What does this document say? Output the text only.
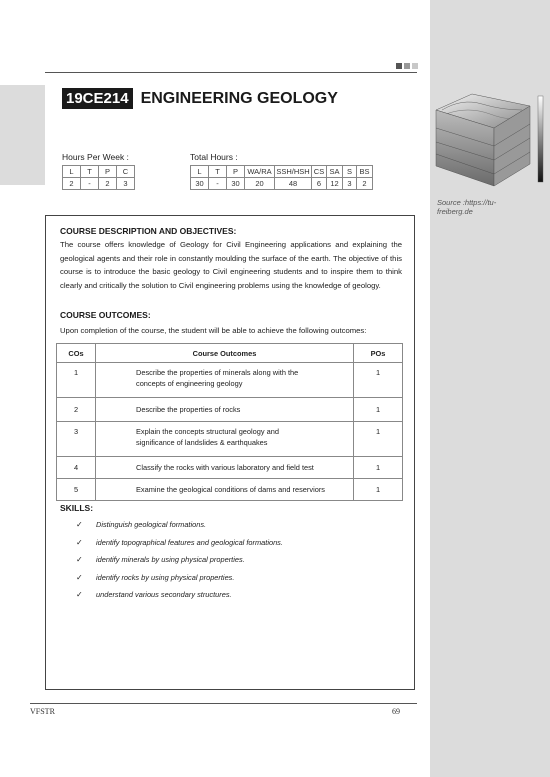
19CE214 ENGINEERING GEOLOGY
Hours Per Week :
L	T	P	C
2	-	2	3
Total Hours :
L	T	P	WA/RA	SSH/HSH	CS	SA	S	BS
30	-	30	20	48	6	12	3	2
Source :https://tu-freiberg.de
COURSE DESCRIPTION AND OBJECTIVES:
The course offers knowledge of Geology for Civil Engineering applications and explaining the geological agents and their role in constantly moulding the surface of the earth. The objective of this course is to introduce the basic geology to Civil engineering students and to inspire them to think clearly and critically the solution to Civil engineering problems using the knowledge of geology.
COURSE OUTCOMES:
Upon completion of the course, the student will be able to achieve the following outcomes:
COs	Course Outcomes	POs
1	Describe the properties of minerals along with the concepts of engineering geology	1
2	Describe the properties of rocks	1
3	Explain the concepts structural geology and significance of landslides & earthquakes	1
4	Classify the rocks with various laboratory and field test	1
5	Examine the geological conditions of dams and reserviors	1
SKILLS:
✓	Distinguish geological formations.
✓	identify topographical features and geological formations.
✓	identify minerals by using physical properties.
✓	identify rocks by using physical properties.
✓	understand various secondary structures.
VFSTR	69
